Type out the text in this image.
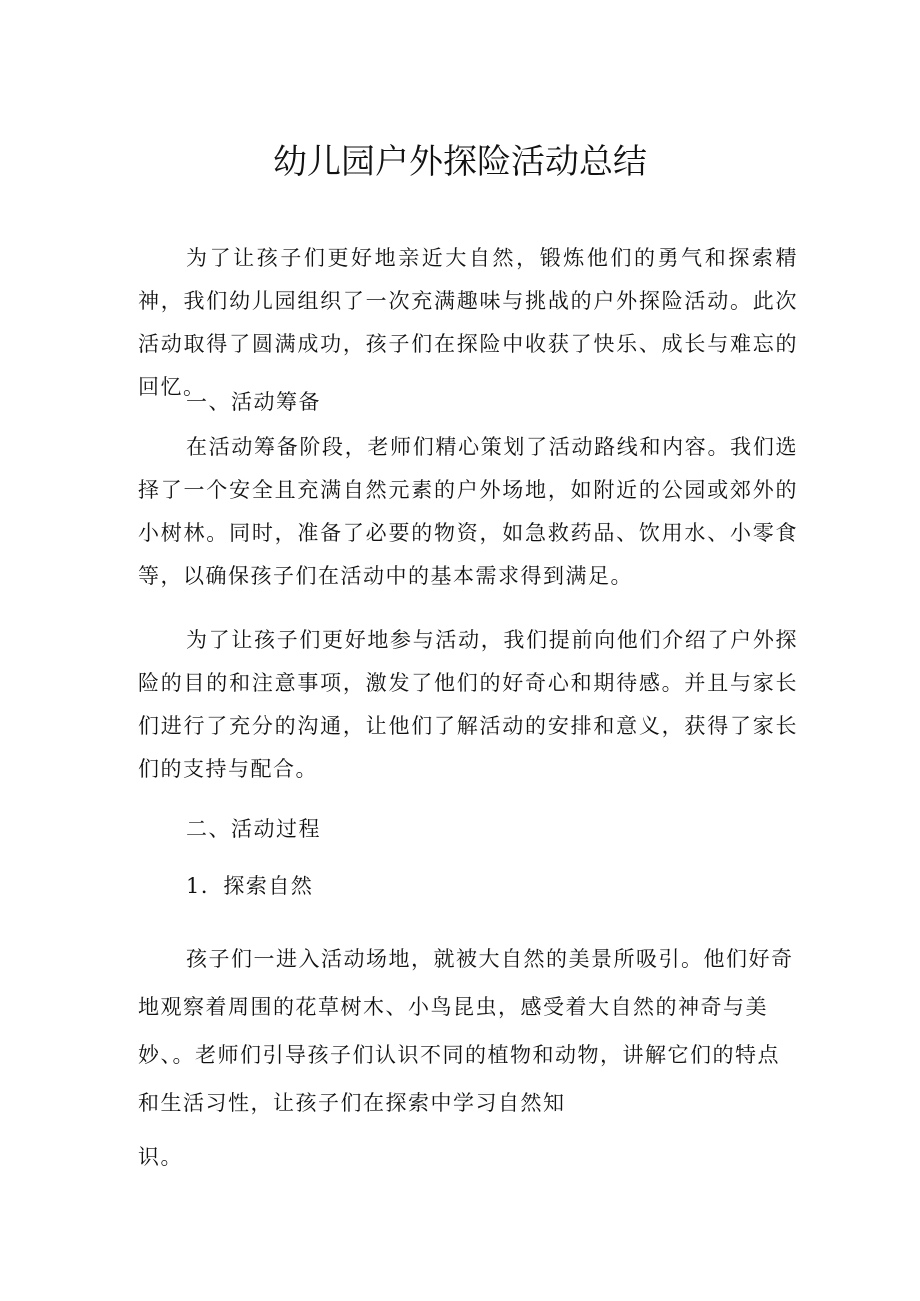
幼儿园户外探险活动总结

为了让孩子们更好地亲近大自然，锻炼他们的勇气和探索精神，我们幼儿园组织了一次充满趣味与挑战的户外探险活动。此次活动取得了圆满成功，孩子们在探险中收获了快乐、成长与难忘的回忆。

一、活动筹备

在活动筹备阶段，老师们精心策划了活动路线和内容。我们选择了一个安全且充满自然元素的户外场地，如附近的公园或郊外的小树林。同时，准备了必要的物资，如急救药品、饮用水、小零食等，以确保孩子们在活动中的基本需求得到满足。

为了让孩子们更好地参与活动，我们提前向他们介绍了户外探险的目的和注意事项，激发了他们的好奇心和期待感。并且与家长们进行了充分的沟通，让他们了解活动的安排和意义，获得了家长们的支持与配合。

二、活动过程

1．探索自然

孩子们一进入活动场地，就被大自然的美景所吸引。他们好奇地观察着周围的花草树木、小鸟昆虫，感受着大自然的神奇与美妙、。老师们引导孩子们认识不同的植物和动物，讲解它们的特点和生活习性，让孩子们在探索中学习自然知

识。
